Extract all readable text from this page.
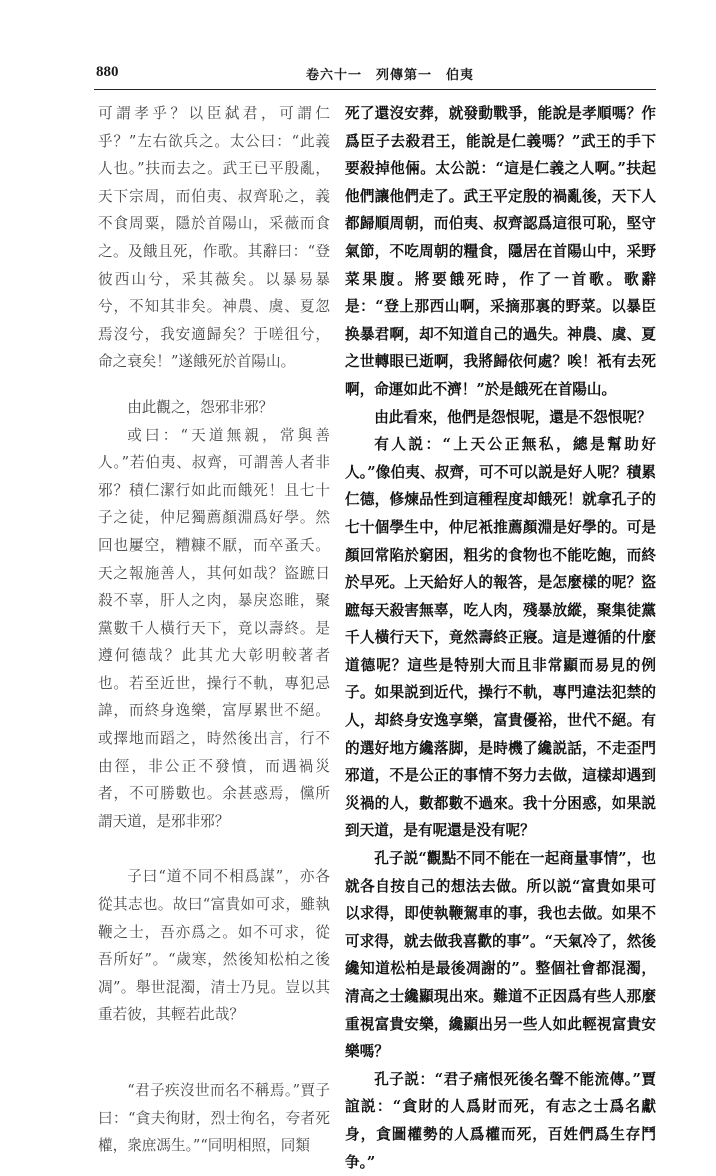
880	卷六十一　列傳第一　伯夷

可謂孝乎？以臣弑君，可謂仁乎？”左右欲兵之。太公曰：“此義人也。”扶而去之。武王已平殷亂，天下宗周，而伯夷、叔齊恥之，義不食周粟，隱於首陽山，采薇而食之。及餓且死，作歌。其辭曰：“登彼西山兮，采其薇矣。以暴易暴兮，不知其非矣。神農、虞、夏忽焉沒兮，我安適歸矣？于嗟徂兮，命之衰矣！”遂餓死於首陽山。

由此觀之，怨邪非邪？

或曰：“天道無親，常與善人。”若伯夷、叔齊，可謂善人者非邪？積仁潔行如此而餓死！且七十子之徒，仲尼獨薦顏淵爲好學。然回也屢空，糟糠不厭，而卒蚤夭。天之報施善人，其何如哉？盜蹠日殺不辜，肝人之肉，暴戾恣睢，聚黨數千人橫行天下，竟以壽終。是遵何德哉？此其尤大彰明較著者也。若至近世，操行不軌，專犯忌諱，而終身逸樂，富厚累世不絕。或擇地而蹈之，時然後出言，行不由徑，非公正不發憤，而遇禍災者，不可勝數也。余甚惑焉，儻所謂天道，是邪非邪？

子曰“道不同不相爲謀”，亦各從其志也。故曰“富貴如可求，雖執鞭之士，吾亦爲之。如不可求，從吾所好”。“歲寒，然後知松柏之後凋”。舉世混濁，清士乃見。豈以其重若彼，其輕若此哉？

“君子疾沒世而名不稱焉。”賈子曰：“貪夫徇財，烈士徇名，夸者死權，衆庶馮生。”“同明相照，同類

死了還沒安葬，就發動戰爭，能說是孝順嗎？作爲臣子去殺君王，能說是仁義嗎？”武王的手下要殺掉他倆。太公説：“這是仁義之人啊。”扶起他們讓他們走了。武王平定殷的禍亂後，天下人都歸順周朝，而伯夷、叔齊認爲這很可恥，堅守氣節，不吃周朝的糧食，隱居在首陽山中，采野菜果腹。將要餓死時，作了一首歌。歌辭是：“登上那西山啊，采摘那裏的野菜。以暴臣换暴君啊，却不知道自己的過失。神農、虞、夏之世轉眼已逝啊，我將歸依何處？唉！衹有去死啊，命運如此不濟！”於是餓死在首陽山。

由此看來，他們是怨恨呢，還是不怨恨呢？

有人説：“上天公正無私，總是幫助好人。”像伯夷、叔齊，可不可以説是好人呢？積累仁德，修煉品性到這種程度却餓死！就拿孔子的七十個學生中，仲尼衹推薦顏淵是好學的。可是顏回常陷於窮困，粗劣的食物也不能吃飽，而終於早死。上天給好人的報答，是怎麼樣的呢？盜蹠每天殺害無辜，吃人肉，殘暴放縱，聚集徒黨千人橫行天下，竟然壽終正寢。這是遵循的什麼道德呢？這些是特别大而且非常顯而易見的例子。如果説到近代，操行不軌，專門違法犯禁的人，却終身安逸享樂，富貴優裕，世代不絕。有的選好地方纔落脚，是時機了纔説話，不走歪門邪道，不是公正的事情不努力去做，這樣却遇到災禍的人，數都數不過來。我十分困惑，如果説到天道，是有呢還是没有呢？

孔子説“觀點不同不能在一起商量事情”，也就各自按自己的想法去做。所以説“富貴如果可以求得，即使執鞭駕車的事，我也去做。如果不可求得，就去做我喜歡的事”。“天氣冷了，然後纔知道松柏是最後凋謝的”。整個社會都混濁，清高之士纔顯現出來。難道不正因爲有些人那麼重視富貴安樂，纔顯出另一些人如此輕視富貴安樂嗎？

孔子説：“君子痛恨死後名聲不能流傳。”賈誼説：“貪財的人爲財而死，有志之士爲名獻身，貪圖權勢的人爲權而死，百姓們爲生存鬥争。”
